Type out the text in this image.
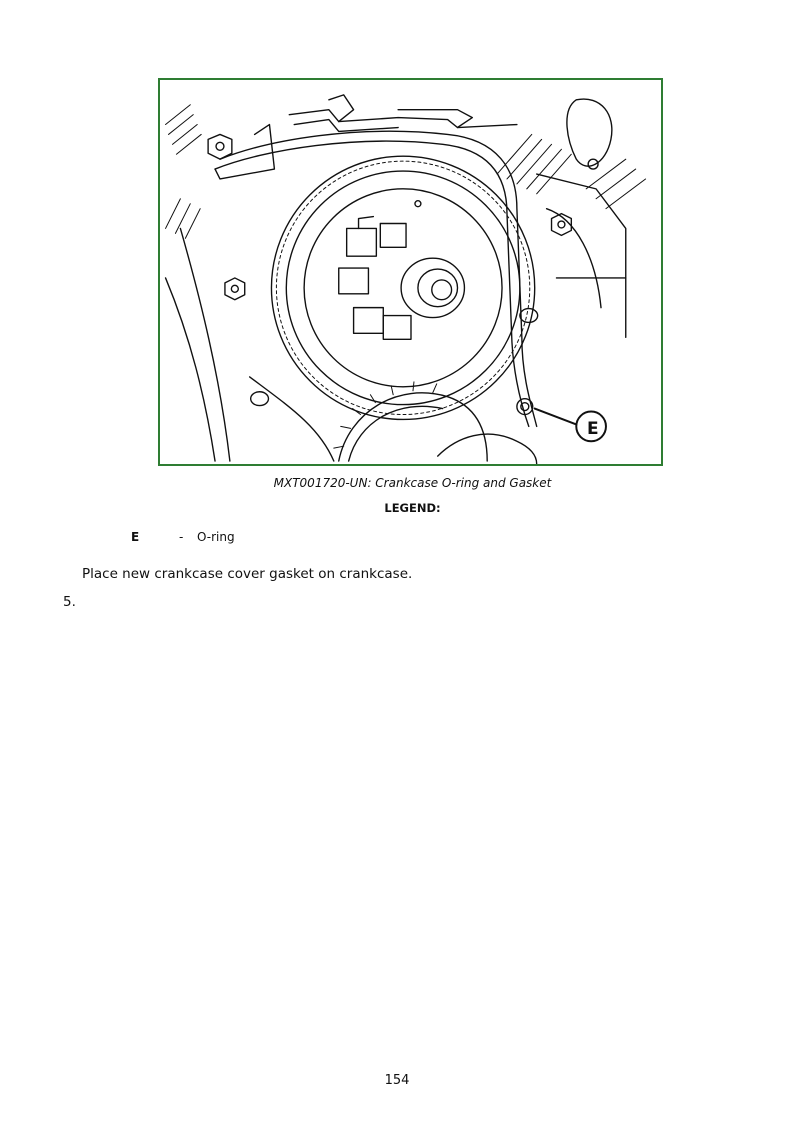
E
MXT001720-UN: Crankcase O-ring and Gasket
LEGEND:
E	- O-ring
Place new crankcase cover gasket on crankcase.
5.
154
